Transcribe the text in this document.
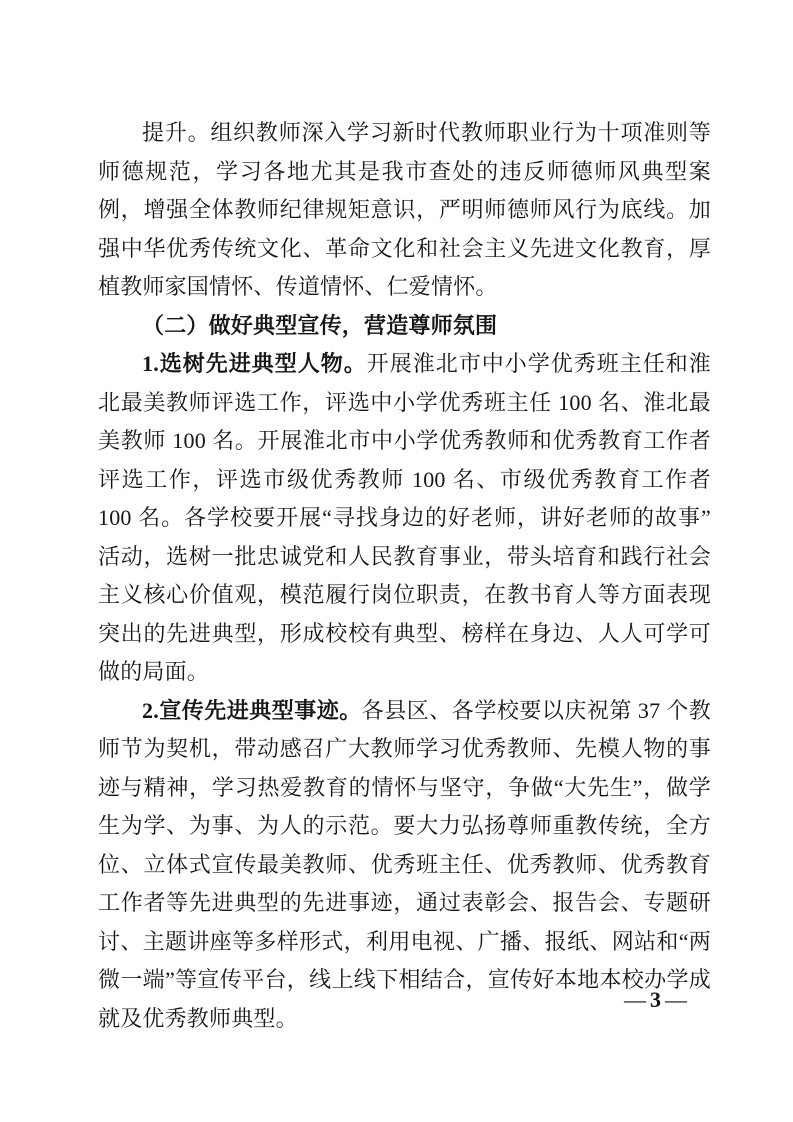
提升。组织教师深入学习新时代教师职业行为十项准则等师德规范，学习各地尤其是我市查处的违反师德师风典型案例，增强全体教师纪律规矩意识，严明师德师风行为底线。加强中华优秀传统文化、革命文化和社会主义先进文化教育，厚植教师家国情怀、传道情怀、仁爱情怀。

（二）做好典型宣传，营造尊师氛围

1.选树先进典型人物。开展淮北市中小学优秀班主任和淮北最美教师评选工作，评选中小学优秀班主任 100 名、淮北最美教师 100 名。开展淮北市中小学优秀教师和优秀教育工作者评选工作，评选市级优秀教师 100 名、市级优秀教育工作者 100 名。各学校要开展“寻找身边的好老师，讲好老师的故事”活动，选树一批忠诚党和人民教育事业，带头培育和践行社会主义核心价值观，模范履行岗位职责，在教书育人等方面表现突出的先进典型，形成校校有典型、榜样在身边、人人可学可做的局面。

2.宣传先进典型事迹。各县区、各学校要以庆祝第 37 个教师节为契机，带动感召广大教师学习优秀教师、先模人物的事迹与精神，学习热爱教育的情怀与坚守，争做“大先生”，做学生为学、为事、为人的示范。要大力弘扬尊师重教传统，全方位、立体式宣传最美教师、优秀班主任、优秀教师、优秀教育工作者等先进典型的先进事迹，通过表彰会、报告会、专题研讨、主题讲座等多样形式，利用电视、广播、报纸、网站和“两微一端”等宣传平台，线上线下相结合，宣传好本地本校办学成就及优秀教师典型。

— 3 —
